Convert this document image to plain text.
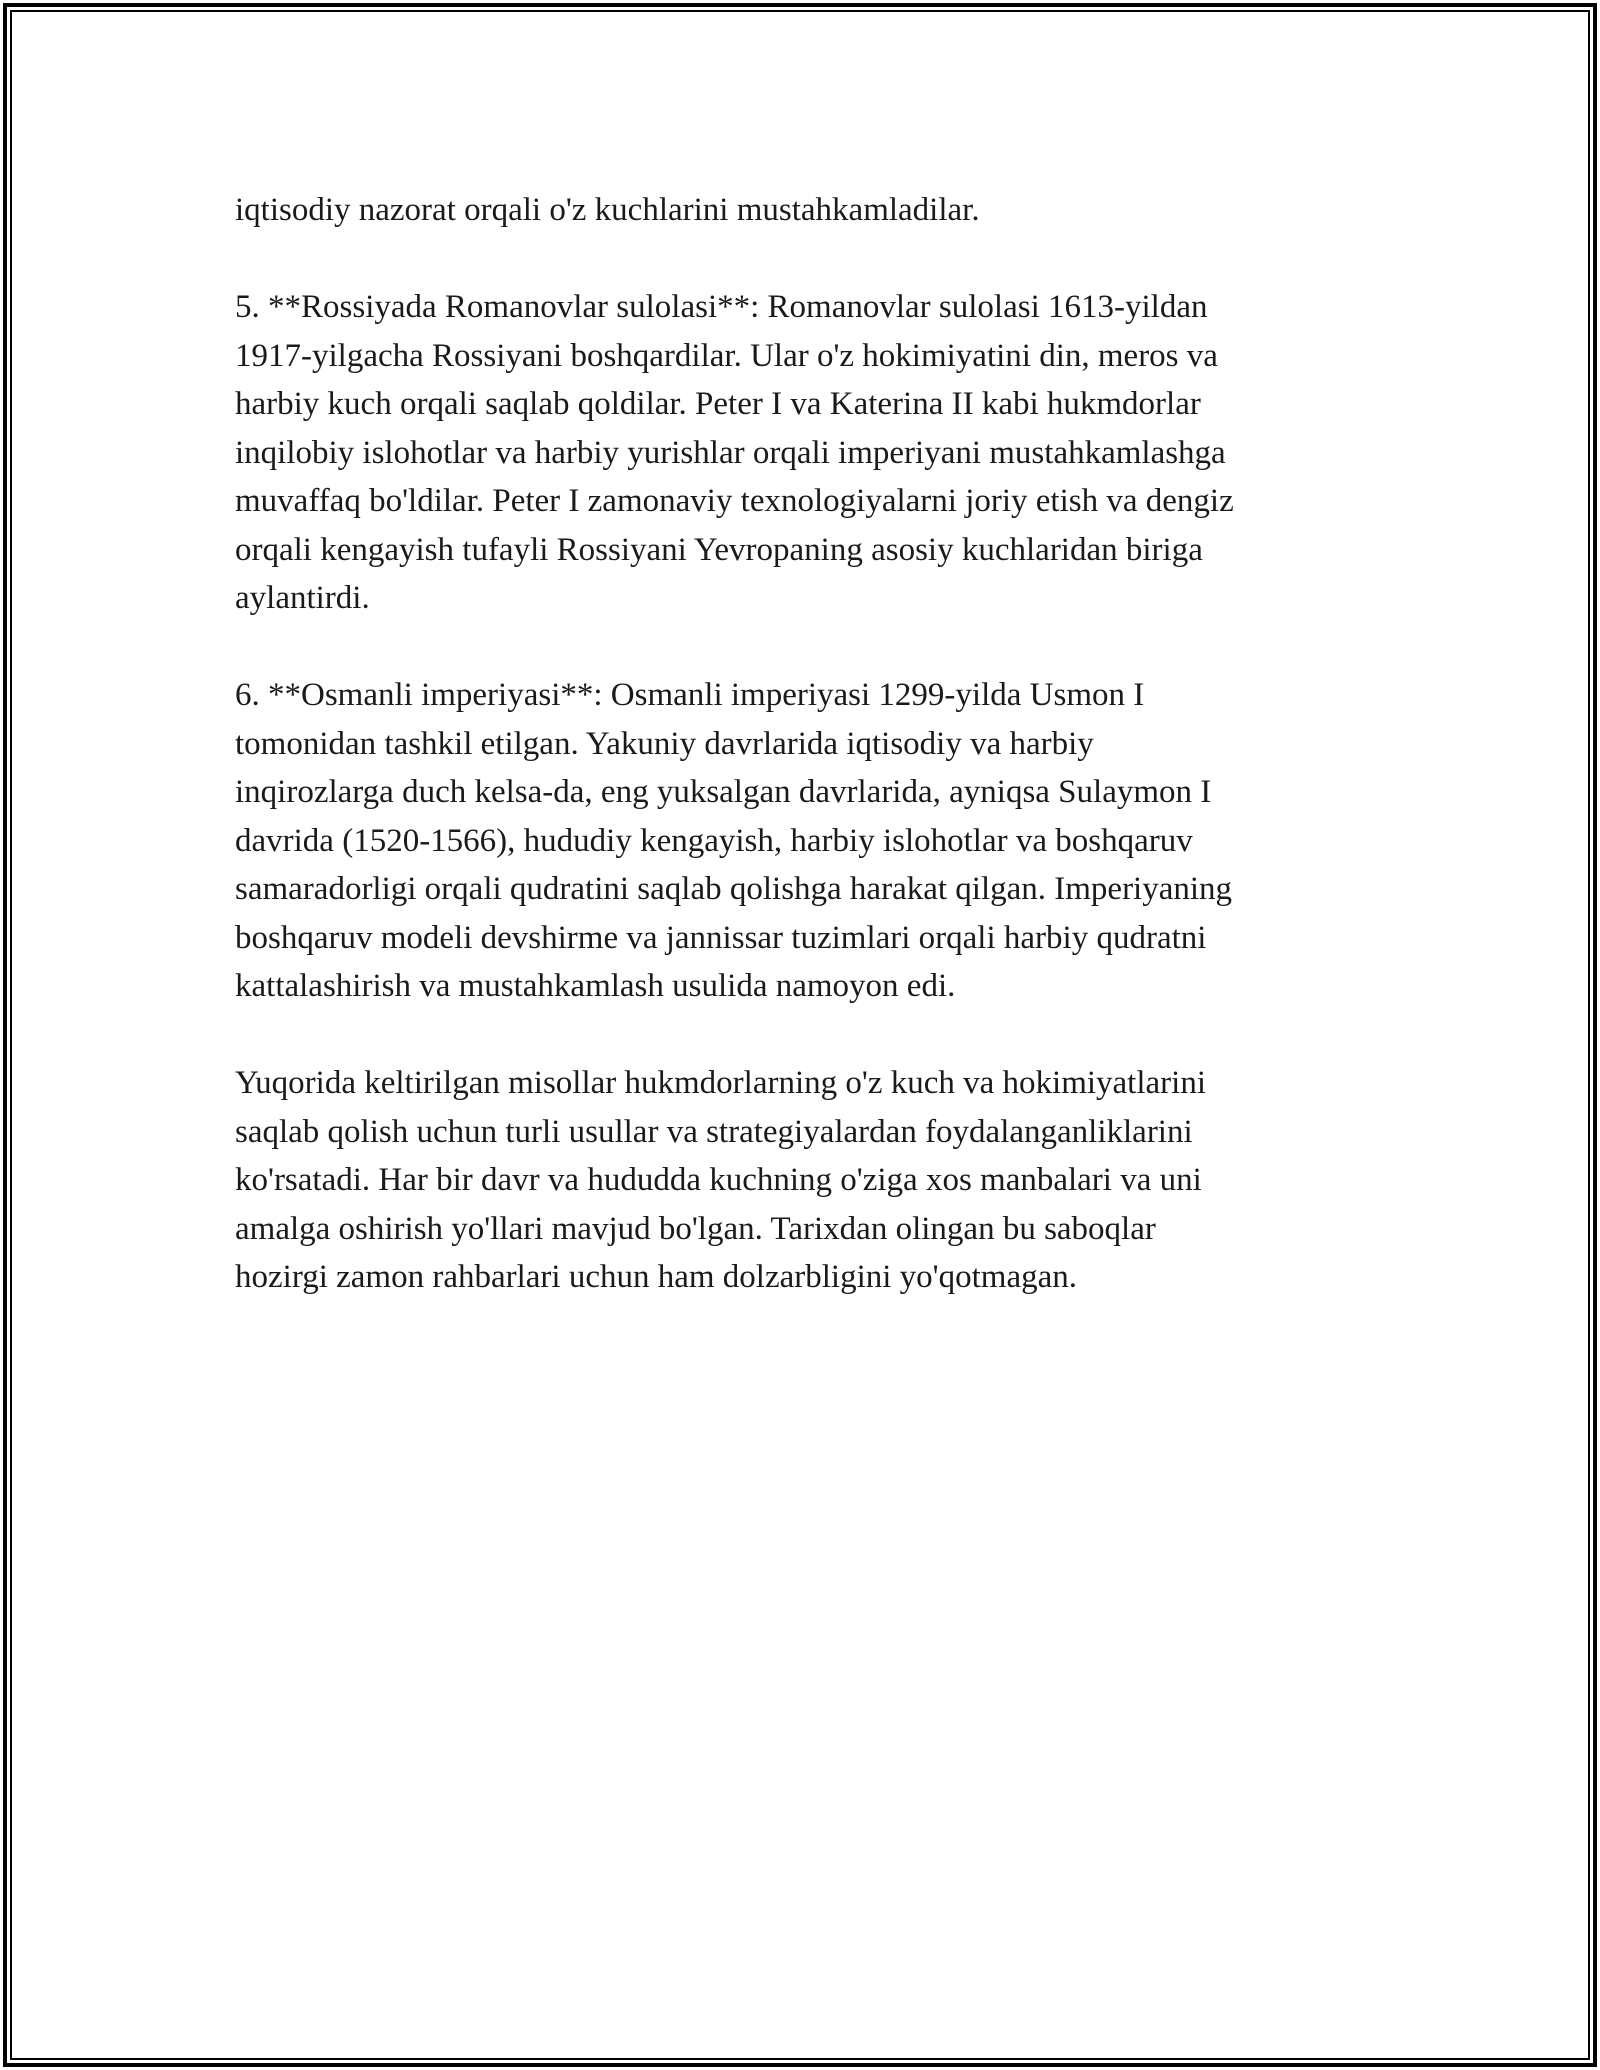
iqtisodiy nazorat orqali o'z kuchlarini mustahkamladilar.

5. **Rossiyada Romanovlar sulolasi**: Romanovlar sulolasi 1613-yildan
1917-yilgacha Rossiyani boshqardilar. Ular o'z hokimiyatini din, meros va
harbiy kuch orqali saqlab qoldilar. Peter I va Katerina II kabi hukmdorlar
inqilobiy islohotlar va harbiy yurishlar orqali imperiyani mustahkamlashga
muvaffaq bo'ldilar. Peter I zamonaviy texnologiyalarni joriy etish va dengiz
orqali kengayish tufayli Rossiyani Yevropaning asosiy kuchlaridan biriga
aylantirdi.

6. **Osmanli imperiyasi**: Osmanli imperiyasi 1299-yilda Usmon I
tomonidan tashkil etilgan. Yakuniy davrlarida iqtisodiy va harbiy
inqirozlarga duch kelsa-da, eng yuksalgan davrlarida, ayniqsa Sulaymon I
davrida (1520-1566), hududiy kengayish, harbiy islohotlar va boshqaruv
samaradorligi orqali qudratini saqlab qolishga harakat qilgan. Imperiyaning
boshqaruv modeli devshirme va jannissar tuzimlari orqali harbiy qudratni
kattalashirish va mustahkamlash usulida namoyon edi.

Yuqorida keltirilgan misollar hukmdorlarning o'z kuch va hokimiyatlarini
saqlab qolish uchun turli usullar va strategiyalardan foydalanganliklarini
ko'rsatadi. Har bir davr va hududda kuchning o'ziga xos manbalari va uni
amalga oshirish yo'llari mavjud bo'lgan. Tarixdan olingan bu saboqlar
hozirgi zamon rahbarlari uchun ham dolzarbligini yo'qotmagan.
